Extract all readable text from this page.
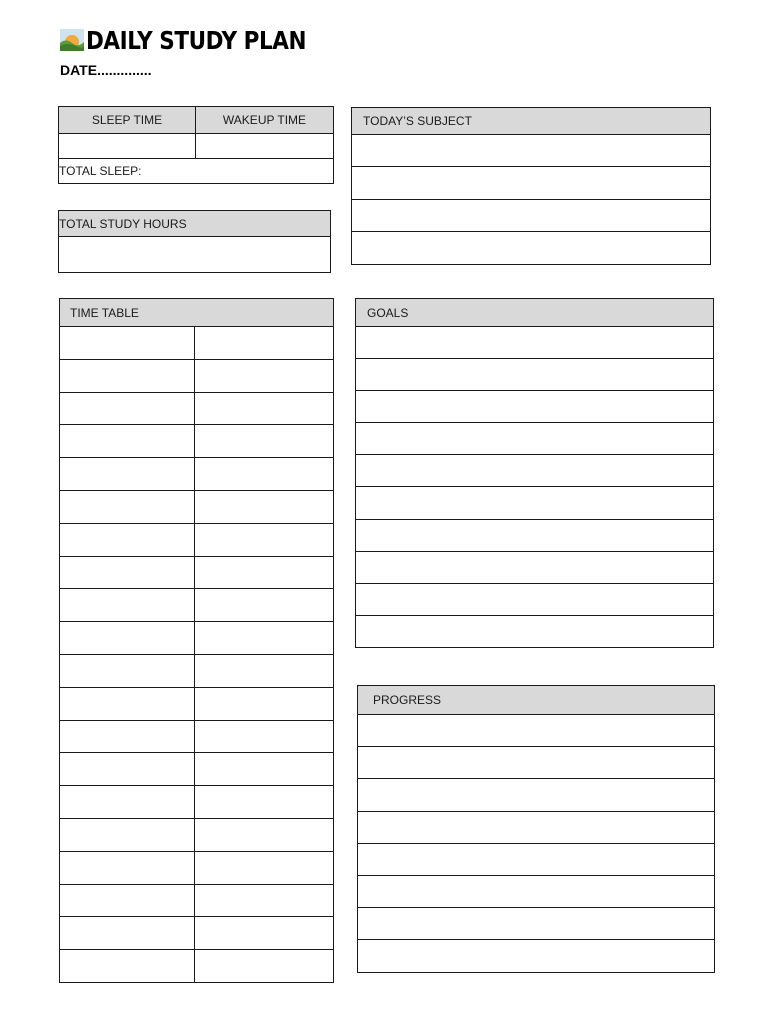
DAILY STUDY PLAN
DATE..............
SLEEP TIME	WAKEUP TIME

TOTAL SLEEP:	
TOTAL STUDY HOURS

TODAY’S SUBJECT

TIME TABLE	GOALS
PROGRESS
